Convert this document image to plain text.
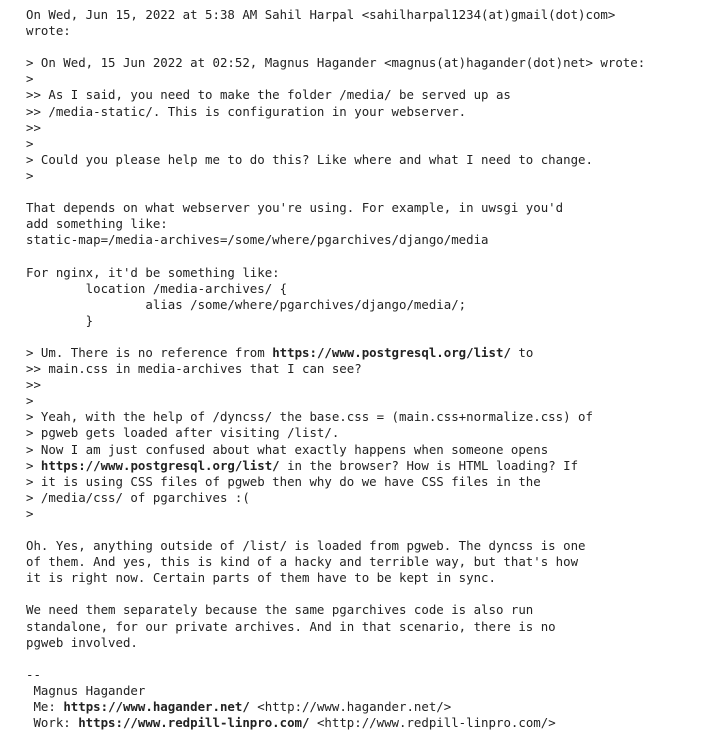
On Wed, Jun 15, 2022 at 5:38 AM Sahil Harpal <sahilharpal1234(at)gmail(dot)com>
wrote:
> On Wed, 15 Jun 2022 at 02:52, Magnus Hagander <magnus(at)hagander(dot)net> wrote:
>
>> As I said, you need to make the folder /media/ be served up as
>> /media-static/. This is configuration in your webserver.
>>
>
> Could you please help me to do this? Like where and what I need to change.
>
That depends on what webserver you're using. For example, in uwsgi you'd
add something like:
static-map=/media-archives=/some/where/pgarchives/django/media
For nginx, it'd be something like:
location /media-archives/ {
alias /some/where/pgarchives/django/media/;
}
> Um. There is no reference from https://www.postgresql.org/list/ to
>> main.css in media-archives that I can see?
>>
>
> Yeah, with the help of /dyncss/ the base.css = (main.css+normalize.css) of
> pgweb gets loaded after visiting /list/.
> Now I am just confused about what exactly happens when someone opens
> https://www.postgresql.org/list/ in the browser? How is HTML loading? If
> it is using CSS files of pgweb then why do we have CSS files in the
> /media/css/ of pgarchives :(
>
Oh. Yes, anything outside of /list/ is loaded from pgweb. The dyncss is one
of them. And yes, this is kind of a hacky and terrible way, but that's how
it is right now. Certain parts of them have to be kept in sync.
We need them separately because the same pgarchives code is also run
standalone, for our private archives. And in that scenario, there is no
pgweb involved.
--
Magnus Hagander
Me: https://www.hagander.net/ <http://www.hagander.net/>
Work: https://www.redpill-linpro.com/ <http://www.redpill-linpro.com/>
